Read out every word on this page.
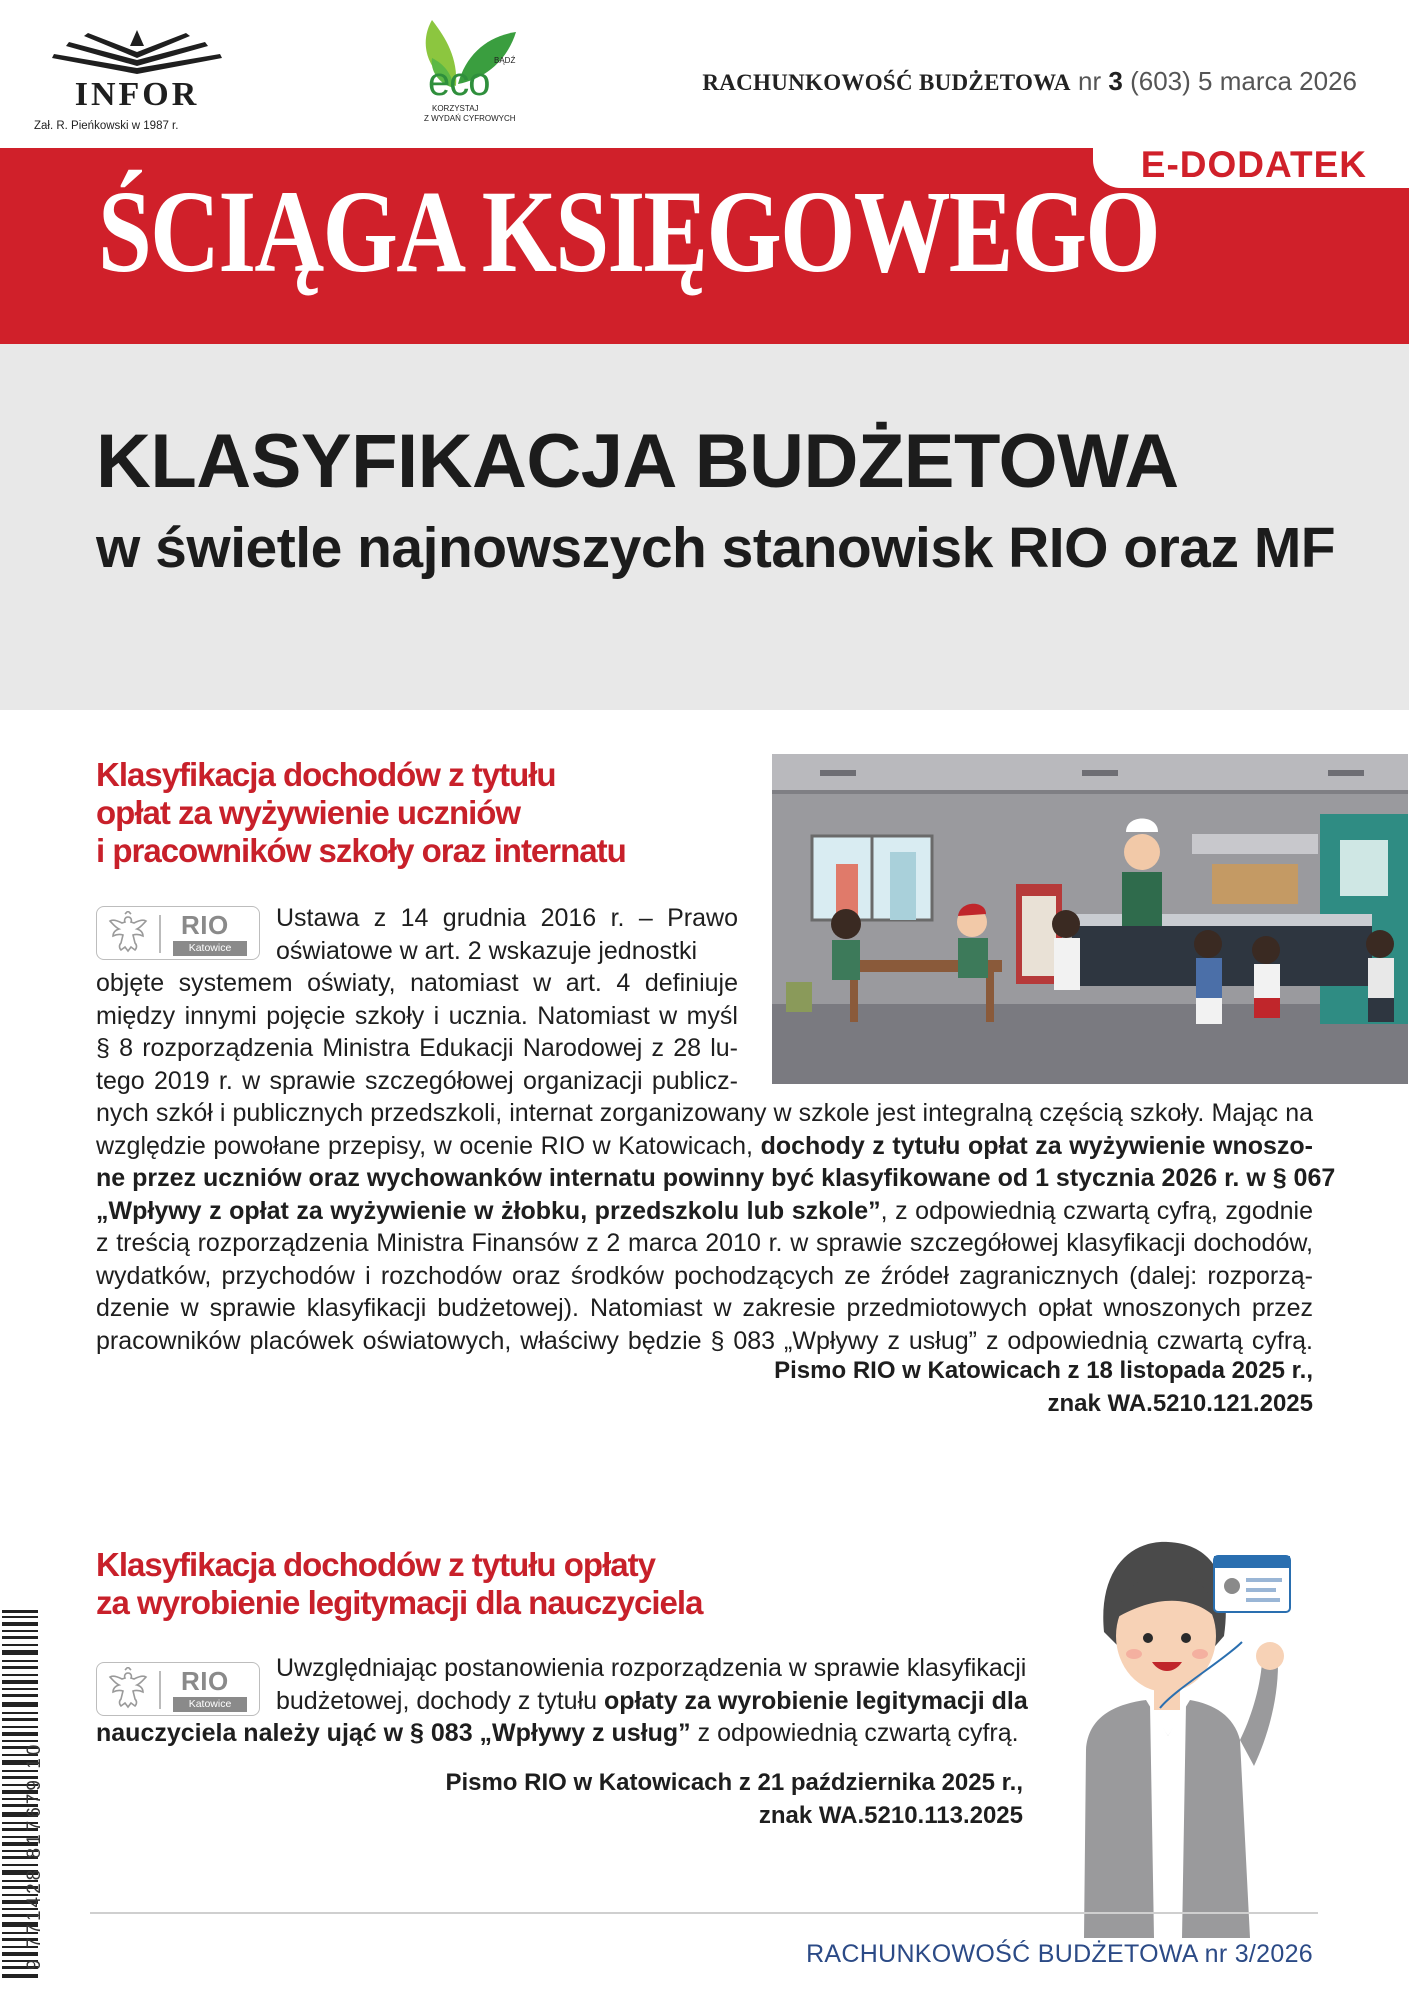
INFOR
Zał. R. Pieńkowski w 1987 r.
BĄDŹ
eco
KORZYSTAJ
Z WYDAŃ CYFROWYCH
RACHUNKOWOŚĆ BUDŻETOWA nr 3 (603) 5 marca 2026
E-DODATEK
ŚCIĄGA KSIĘGOWEGO
KLASYFIKACJA BUDŻETOWA
w świetle najnowszych stanowisk RIO oraz MF
Klasyfikacja dochodów z tytułu
opłat za wyżywienie uczniów
i pracowników szkoły oraz internatu
RIO
Katowice
Ustawa z 14 grudnia 2016 r. – Prawo
oświatowe w art. 2 wskazuje jednostki
objęte systemem oświaty, natomiast w art. 4 definiuje
między innymi pojęcie szkoły i ucznia. Natomiast w myśl
§ 8 rozporządzenia Ministra Edukacji Narodowej z 28 lu-
tego 2019 r. w sprawie szczegółowej organizacji publicz-
nych szkół i publicznych przedszkoli, internat zorganizowany w szkole jest integralną częścią szkoły. Mając na
względzie powołane przepisy, w ocenie RIO w Katowicach, dochody z tytułu opłat za wyżywienie wnoszo-
ne przez uczniów oraz wychowanków internatu powinny być klasyfikowane od 1 stycznia 2026 r. w § 067
„Wpływy z opłat za wyżywienie w żłobku, przedszkolu lub szkole”, z odpowiednią czwartą cyfrą, zgodnie
z treścią rozporządzenia Ministra Finansów z 2 marca 2010 r. w sprawie szczegółowej klasyfikacji dochodów,
wydatków, przychodów i rozchodów oraz środków pochodzących ze źródeł zagranicznych (dalej: rozporzą-
dzenie w sprawie klasyfikacji budżetowej). Natomiast w zakresie przedmiotowych opłat wnoszonych przez
pracowników placówek oświatowych, właściwy będzie § 083 „Wpływy z usług” z odpowiednią czwartą cyfrą.
Pismo RIO w Katowicach z 18 listopada 2025 r.,
znak WA.5210.121.2025
Klasyfikacja dochodów z tytułu opłaty
za wyrobienie legitymacji dla nauczyciela
RIO
Katowice
Uwzględniając postanowienia rozporządzenia w sprawie klasyfikacji
budżetowej, dochody z tytułu opłaty za wyrobienie legitymacji dla
nauczyciela należy ująć w § 083 „Wpływy z usług” z odpowiednią czwartą cyfrą.
Pismo RIO w Katowicach z 21 października 2025 r.,
znak WA.5210.113.2025
9 771428 817679 10	RACHUNKOWOŚĆ BUDŻETOWA nr 3/2026
